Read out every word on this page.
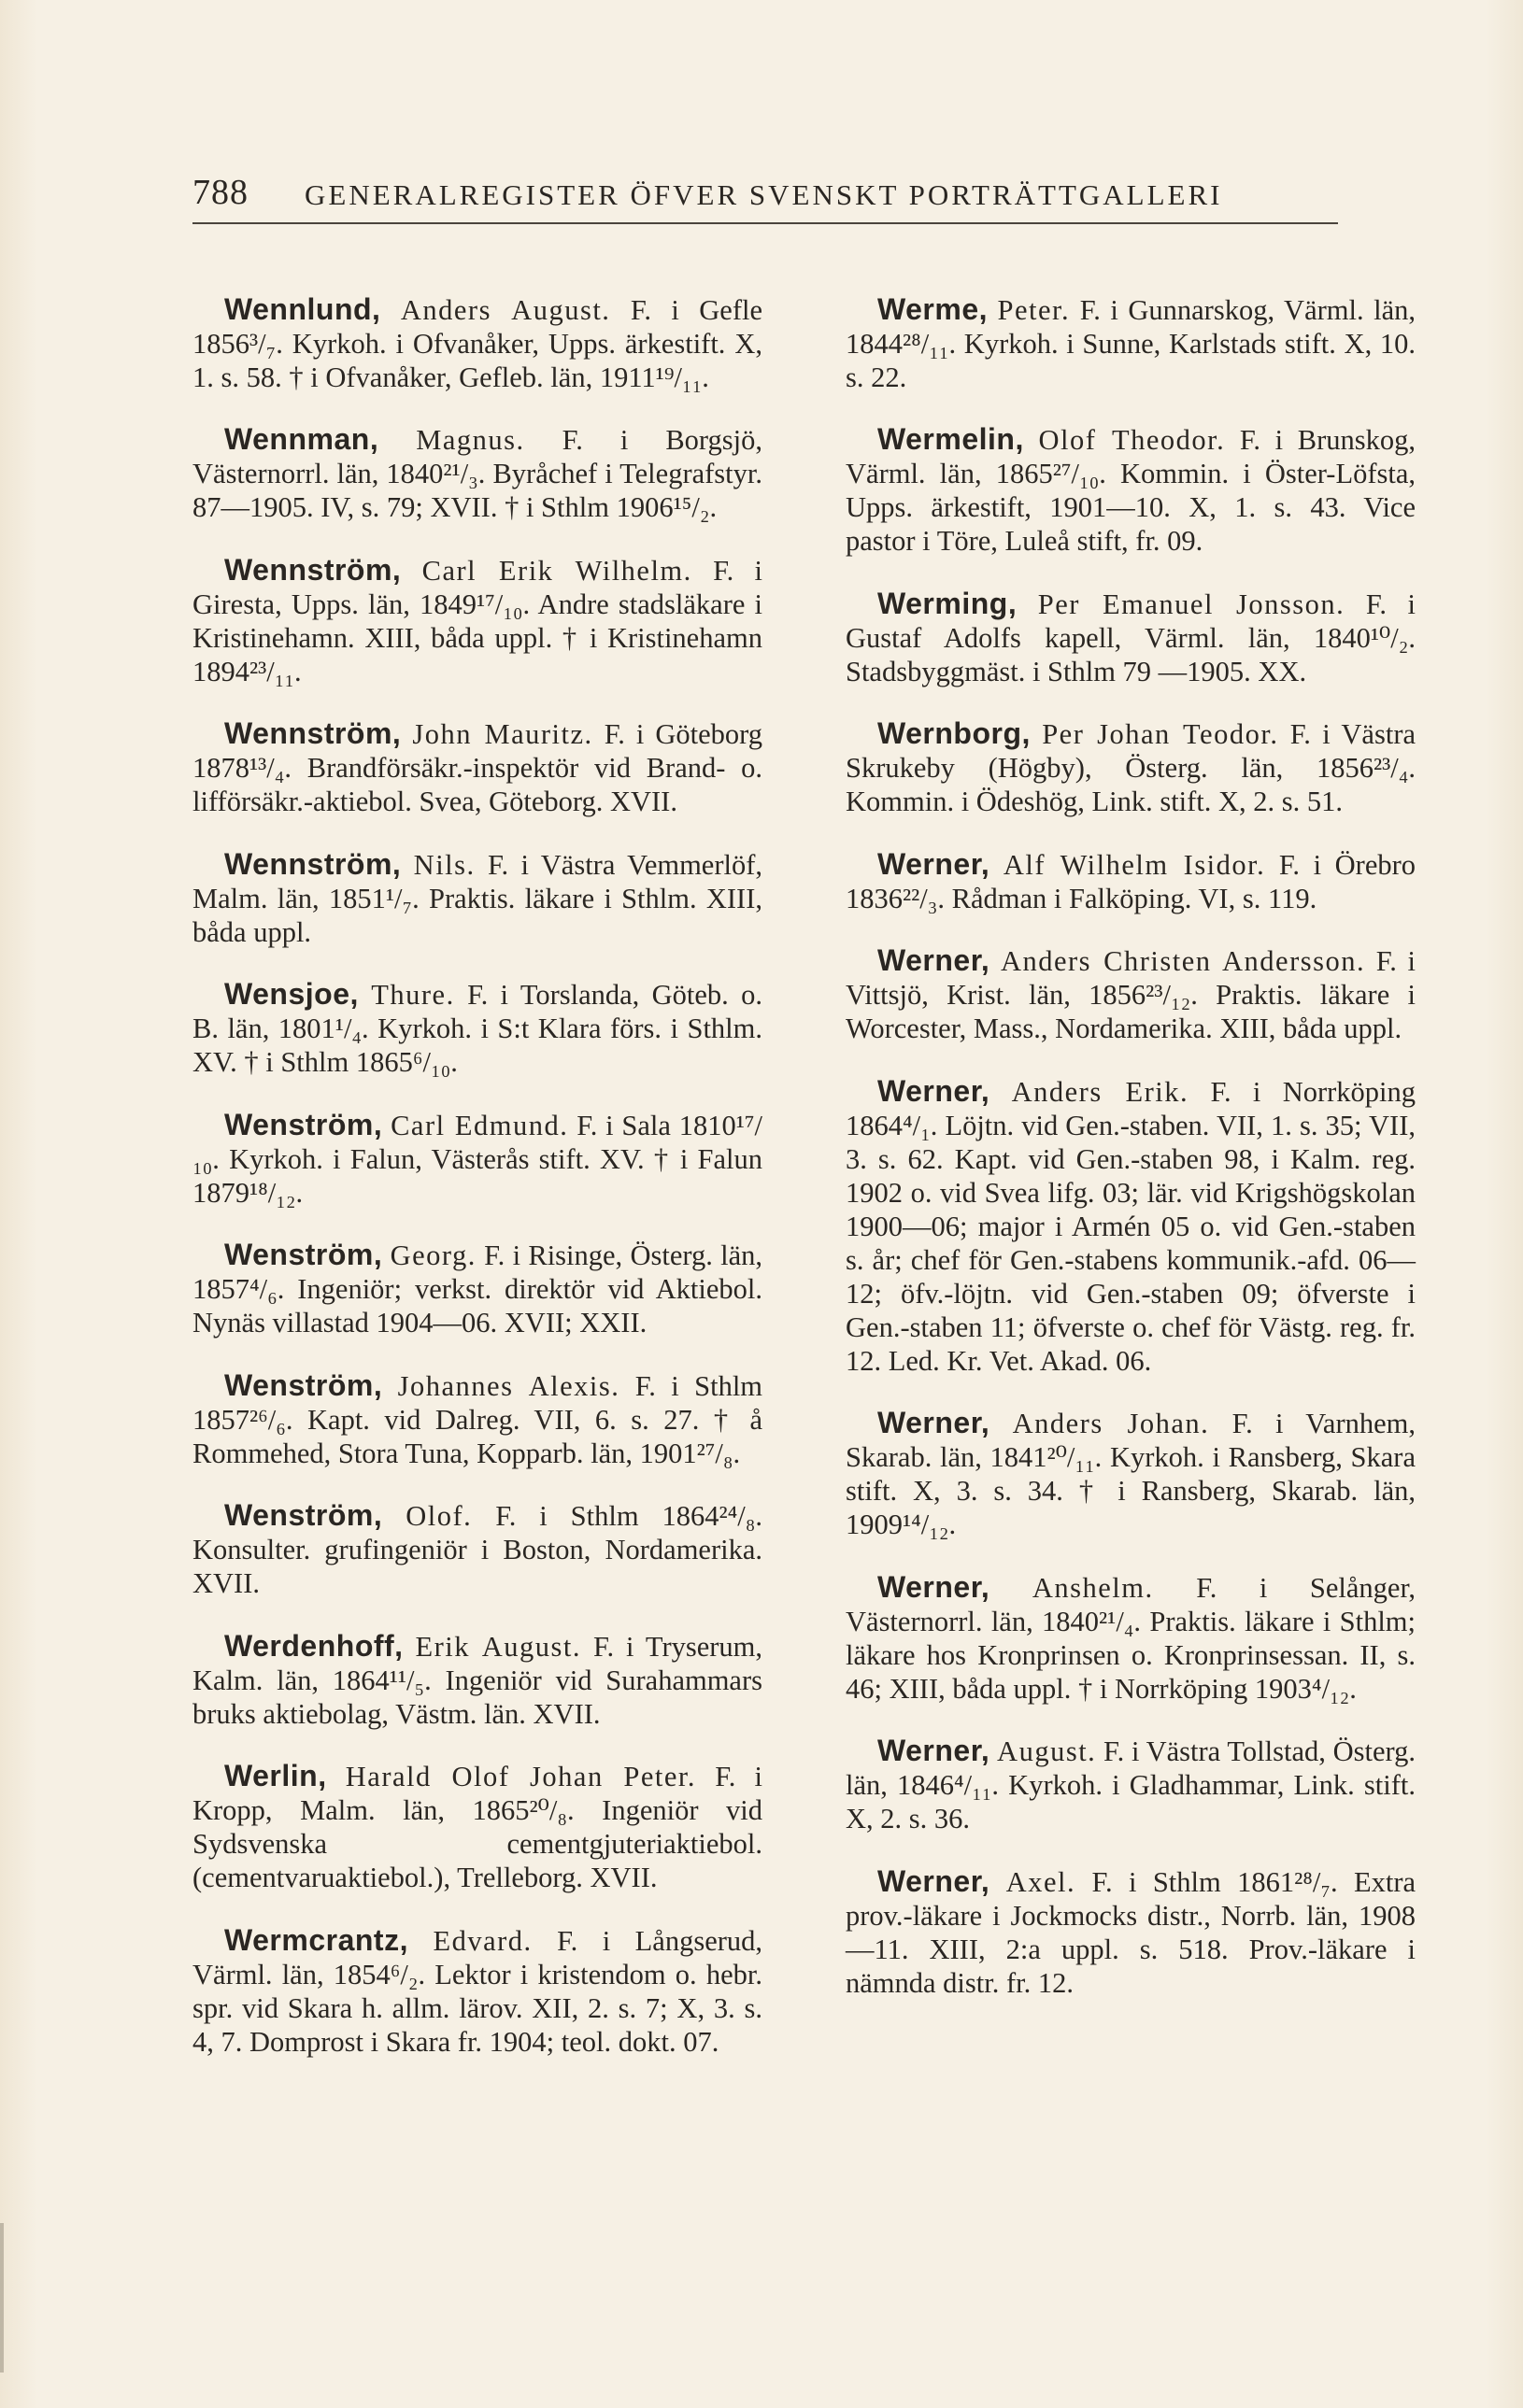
788 GENERALREGISTER ÖFVER SVENSKT PORTRÄTTGALLERI

Wennlund, Anders August. F. i Gefle 1856³/₇. Kyrkoh. i Ofvanåker, Upps. ärkestift. X, 1. s. 58. † i Ofvanåker, Gefleb. län, 1911¹⁹/₁₁.

Wennman, Magnus. F. i Borgsjö, Västernorrl. län, 1840²¹/₃. Byråchef i Telegrafstyr. 87—1905. IV, s. 79; XVII. † i Sthlm 1906¹⁵/₂.

Wennström, Carl Erik Wilhelm. F. i Giresta, Upps. län, 1849¹⁷/₁₀. Andre stadsläkare i Kristinehamn. XIII, båda uppl. † i Kristinehamn 1894²³/₁₁.

Wennström, John Mauritz. F. i Göteborg 1878¹³/₄. Brandförsäkr.-inspektör vid Brand- o. lifförsäkr.-aktiebol. Svea, Göteborg. XVII.

Wennström, Nils. F. i Västra Vemmerlöf, Malm. län, 1851¹/₇. Praktis. läkare i Sthlm. XIII, båda uppl.

Wensjoe, Thure. F. i Torslanda, Göteb. o. B. län, 1801¹/₄. Kyrkoh. i S:t Klara förs. i Sthlm. XV. † i Sthlm 1865⁶/₁₀.

Wenström, Carl Edmund. F. i Sala 1810¹⁷/₁₀. Kyrkoh. i Falun, Västerås stift. XV. † i Falun 1879¹⁸/₁₂.

Wenström, Georg. F. i Risinge, Österg. län, 1857⁴/₆. Ingeniör; verkst. direktör vid Aktiebol. Nynäs villastad 1904—06. XVII; XXII.

Wenström, Johannes Alexis. F. i Sthlm 1857²⁶/₆. Kapt. vid Dalreg. VII, 6. s. 27. † å Rommehed, Stora Tuna, Kopparb. län, 1901²⁷/₈.

Wenström, Olof. F. i Sthlm 1864²⁴/₈. Konsulter. grufingeniör i Boston, Nordamerika. XVII.

Werdenhoff, Erik August. F. i Tryserum, Kalm. län, 1864¹¹/₅. Ingeniör vid Surahammars bruks aktiebolag, Västm. län. XVII.

Werlin, Harald Olof Johan Peter. F. i Kropp, Malm. län, 1865²⁰/₈. Ingeniör vid Sydsvenska cementgjuteriaktiebol. (cementvaruaktiebol.), Trelleborg. XVII.

Wermcrantz, Edvard. F. i Långserud, Värml. län, 1854⁶/₂. Lektor i kristendom o. hebr. spr. vid Skara h. allm. lärov. XII, 2. s. 7; X, 3. s. 4, 7. Domprost i Skara fr. 1904; teol. dokt. 07.

Werme, Peter. F. i Gunnarskog, Värml. län, 1844²⁸/₁₁. Kyrkoh. i Sunne, Karlstads stift. X, 10. s. 22.

Wermelin, Olof Theodor. F. i Brunskog, Värml. län, 1865²⁷/₁₀. Kommin. i Öster-Löfsta, Upps. ärkestift, 1901—10. X, 1. s. 43. Vice pastor i Töre, Luleå stift, fr. 09.

Werming, Per Emanuel Jonsson. F. i Gustaf Adolfs kapell, Värml. län, 1840¹⁰/₂. Stadsbyggmäst. i Sthlm 79 —1905. XX.

Wernborg, Per Johan Teodor. F. i Västra Skrukeby (Högby), Österg. län, 1856²³/₄. Kommin. i Ödeshög, Link. stift. X, 2. s. 51.

Werner, Alf Wilhelm Isidor. F. i Örebro 1836²²/₃. Rådman i Falköping. VI, s. 119.

Werner, Anders Christen Andersson. F. i Vittsjö, Krist. län, 1856²³/₁₂. Praktis. läkare i Worcester, Mass., Nordamerika. XIII, båda uppl.

Werner, Anders Erik. F. i Norrköping 1864⁴/₁. Löjtn. vid Gen.-staben. VII, 1. s. 35; VII, 3. s. 62. Kapt. vid Gen.-staben 98, i Kalm. reg. 1902 o. vid Svea lifg. 03; lär. vid Krigshögskolan 1900—06; major i Armén 05 o. vid Gen.-staben s. år; chef för Gen.-stabens kommunik.-afd. 06—12; öfv.-löjtn. vid Gen.-staben 09; öfverste i Gen.-staben 11; öfverste o. chef för Västg. reg. fr. 12. Led. Kr. Vet. Akad. 06.

Werner, Anders Johan. F. i Varnhem, Skarab. län, 1841²⁰/₁₁. Kyrkoh. i Ransberg, Skara stift. X, 3. s. 34. † i Ransberg, Skarab. län, 1909¹⁴/₁₂.

Werner, Anshelm. F. i Selånger, Västernorrl. län, 1840²¹/₄. Praktis. läkare i Sthlm; läkare hos Kronprinsen o. Kronprinsessan. II, s. 46; XIII, båda uppl. † i Norrköping 1903⁴/₁₂.

Werner, August. F. i Västra Tollstad, Österg. län, 1846⁴/₁₁. Kyrkoh. i Gladhammar, Link. stift. X, 2. s. 36.

Werner, Axel. F. i Sthlm 1861²⁸/₇. Extra prov.-läkare i Jockmocks distr., Norrb. län, 1908—11. XIII, 2:a uppl. s. 518. Prov.-läkare i nämnda distr. fr. 12.
